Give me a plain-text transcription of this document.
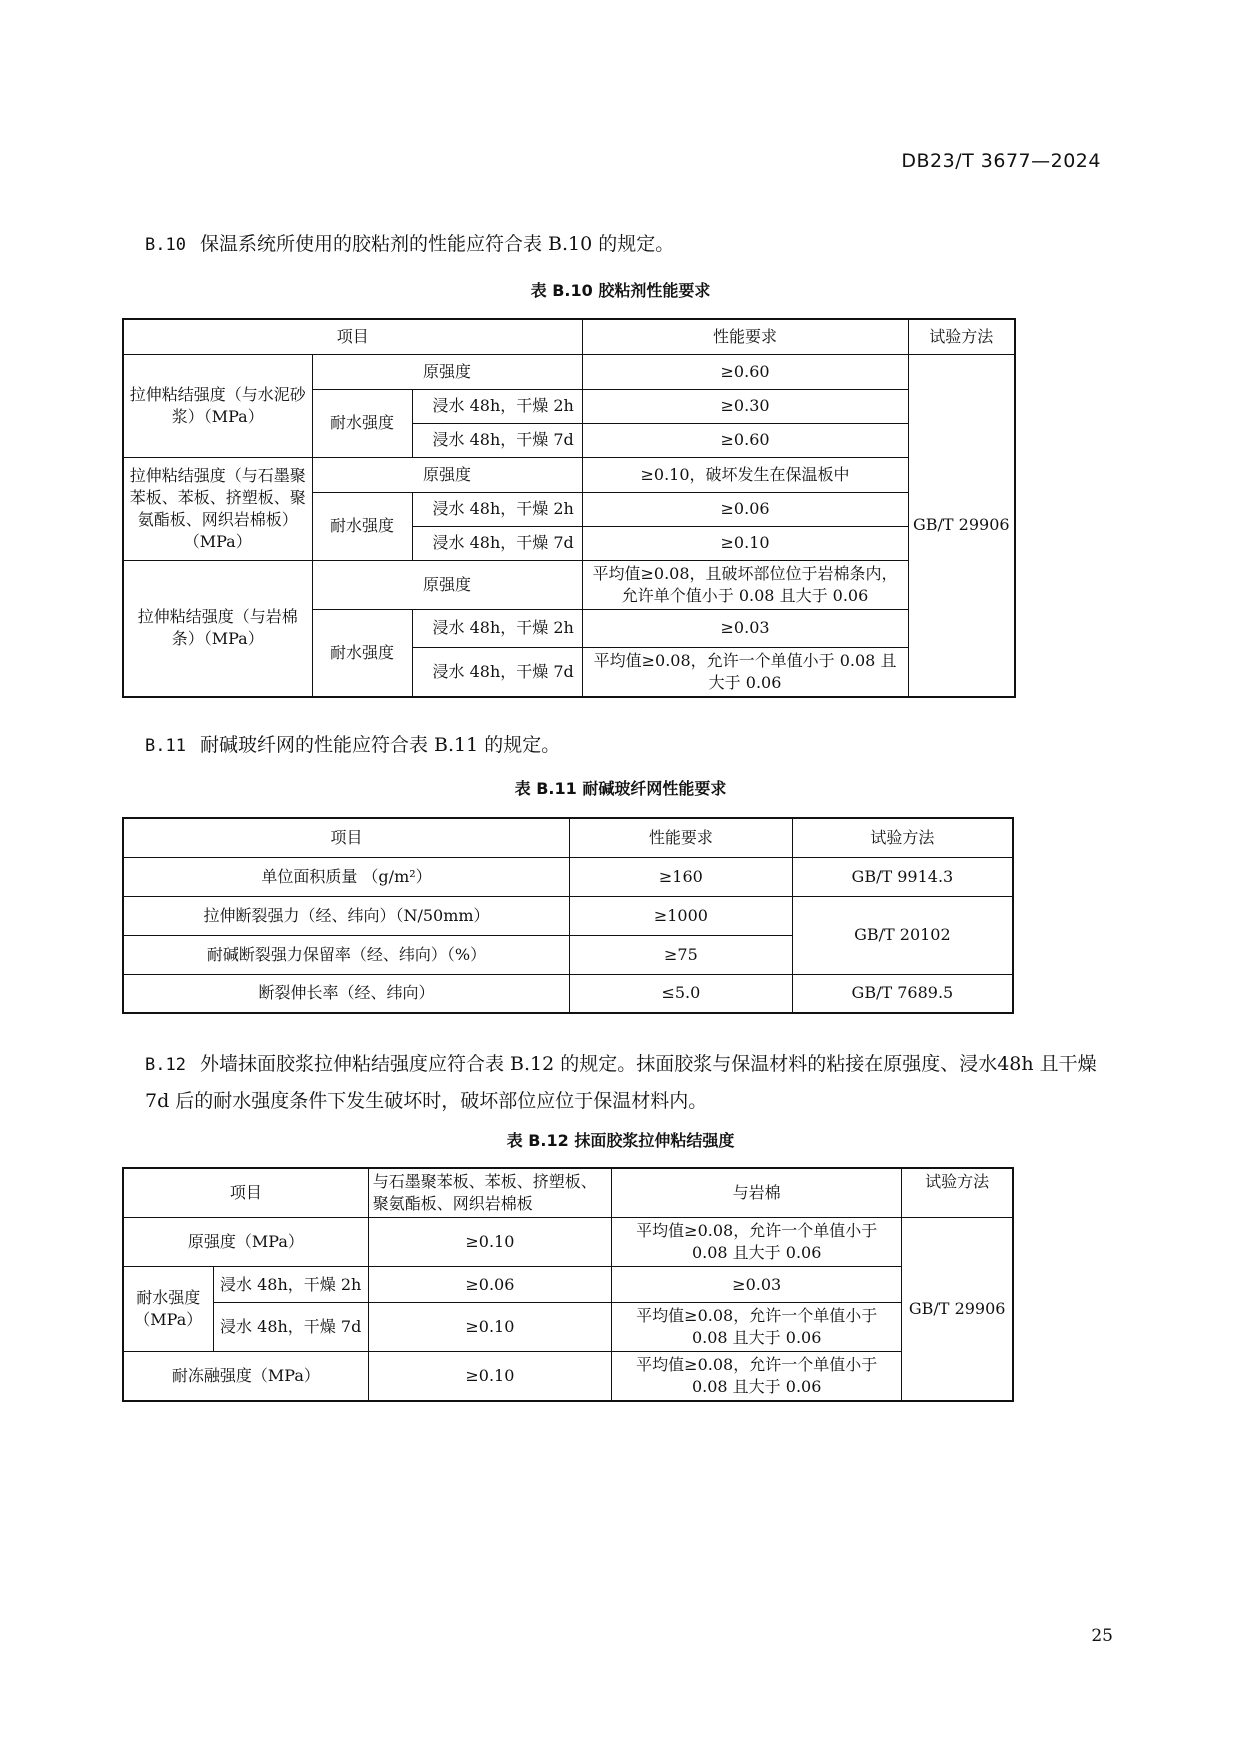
DB23/T 3677—2024
B.10 保温系统所使用的胶粘剂的性能应符合表 B.10 的规定。
表 B.10 胶粘剂性能要求
项目			性能要求	试验方法
拉伸粘结强度（与水泥砂浆）（MPa）	原强度		≥0.60	GB/T 29906
	耐水强度	浸水 48h，干燥 2h	≥0.30	
		浸水 48h，干燥 7d	≥0.60	
拉伸粘结强度（与石墨聚苯板、苯板、挤塑板、聚氨酯板、网织岩棉板）（MPa）	原强度		≥0.10，破坏发生在保温板中	
	耐水强度	浸水 48h，干燥 2h	≥0.06	
		浸水 48h，干燥 7d	≥0.10	
拉伸粘结强度（与岩棉条）（MPa）	原强度		平均值≥0.08，且破坏部位位于岩棉条内，允许单个值小于 0.08 且大于 0.06	
	耐水强度	浸水 48h，干燥 2h	≥0.03	
		浸水 48h，干燥 7d	平均值≥0.08，允许一个单值小于 0.08 且大于 0.06	
B.11 耐碱玻纤网的性能应符合表 B.11 的规定。
表 B.11 耐碱玻纤网性能要求
项目	性能要求	试验方法
单位面积质量 （g/m²）	≥160	GB/T 9914.3
拉伸断裂强力（经、纬向）（N/50mm）	≥1000	GB/T 20102
耐碱断裂强力保留率（经、纬向）（%）	≥75	
断裂伸长率（经、纬向）	≤5.0	GB/T 7689.5
B.12 外墙抹面胶浆拉伸粘结强度应符合表 B.12 的规定。抹面胶浆与保温材料的粘接在原强度、浸水48h 且干燥 7d 后的耐水强度条件下发生破坏时，破坏部位应位于保温材料内。
表 B.12 抹面胶浆拉伸粘结强度
项目		与石墨聚苯板、苯板、挤塑板、聚氨酯板、网织岩棉板	与岩棉	试验方法
原强度（MPa）		≥0.10	平均值≥0.08，允许一个单值小于 0.08 且大于 0.06	GB/T 29906
耐水强度（MPa）	浸水 48h，干燥 2h	≥0.06	≥0.03	
	浸水 48h，干燥 7d	≥0.10	平均值≥0.08，允许一个单值小于 0.08 且大于 0.06	
耐冻融强度（MPa）		≥0.10	平均值≥0.08，允许一个单值小于 0.08 且大于 0.06	
25
